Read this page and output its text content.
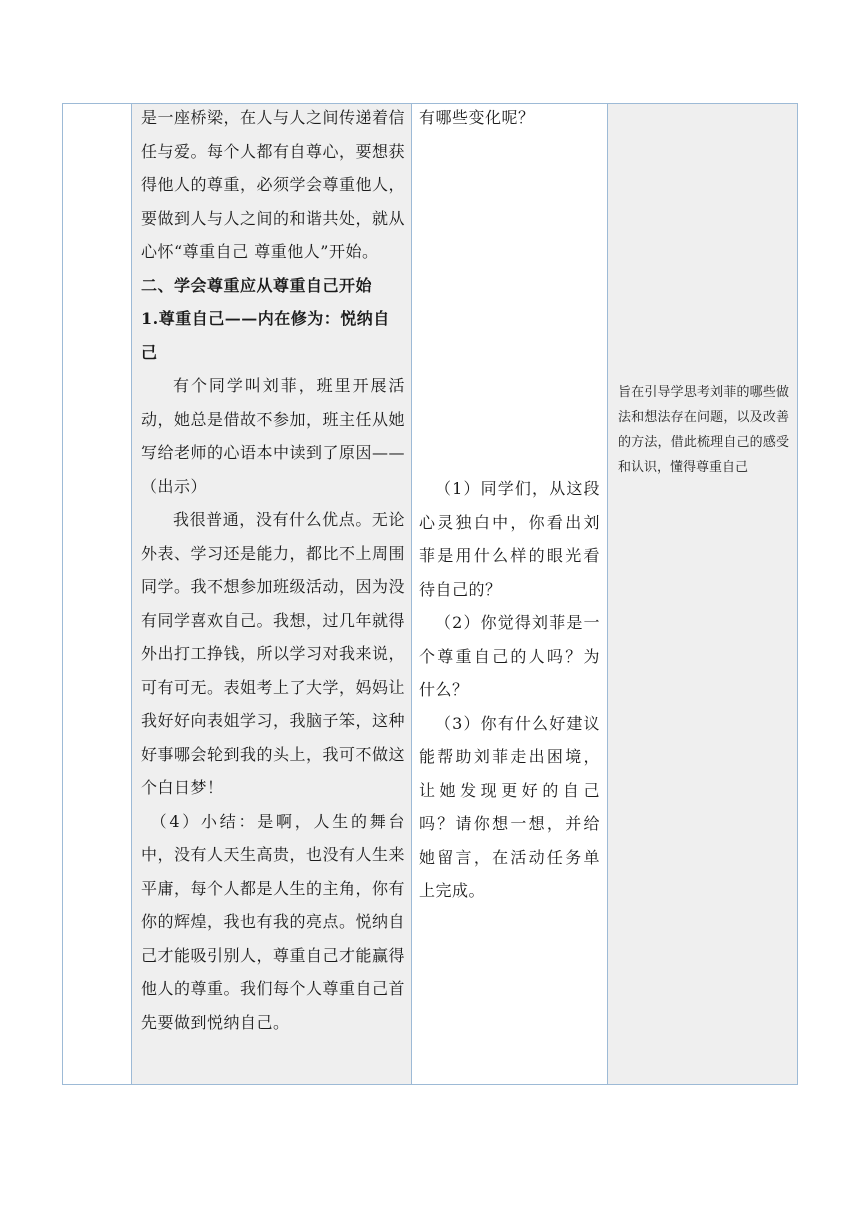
是一座桥梁，在人与人之间传递着信任与爱。每个人都有自尊心，要想获得他人的尊重，必须学会尊重他人，要做到人与人之间的和谐共处，就从心怀“尊重自己 尊重他人”开始。

二、学会尊重应从尊重自己开始

1.尊重自己——内在修为：悦纳自己

有个同学叫刘菲，班里开展活动，她总是借故不参加，班主任从她写给老师的心语本中读到了原因——（出示）

我很普通，没有什么优点。无论外表、学习还是能力，都比不上周围同学。我不想参加班级活动，因为没有同学喜欢自己。我想，过几年就得外出打工挣钱，所以学习对我来说，可有可无。表姐考上了大学，妈妈让我好好向表姐学习，我脑子笨，这种好事哪会轮到我的头上，我可不做这个白日梦！

（4）小结：是啊，人生的舞台中，没有人天生高贵，也没有人生来平庸，每个人都是人生的主角，你有你的辉煌，我也有我的亮点。悦纳自己才能吸引别人，尊重自己才能赢得他人的尊重。我们每个人尊重自己首先要做到悦纳自己。

有哪些变化呢？

（1）同学们，从这段心灵独白中，你看出刘菲是用什么样的眼光看待自己的？

（2）你觉得刘菲是一个尊重自己的人吗？为什么？

（3）你有什么好建议能帮助刘菲走出困境，让她发现更好的自己吗？请你想一想，并给她留言，在活动任务单上完成。

旨在引导学思考刘菲的哪些做法和想法存在问题，以及改善的方法，借此梳理自己的感受和认识，懂得尊重自己
